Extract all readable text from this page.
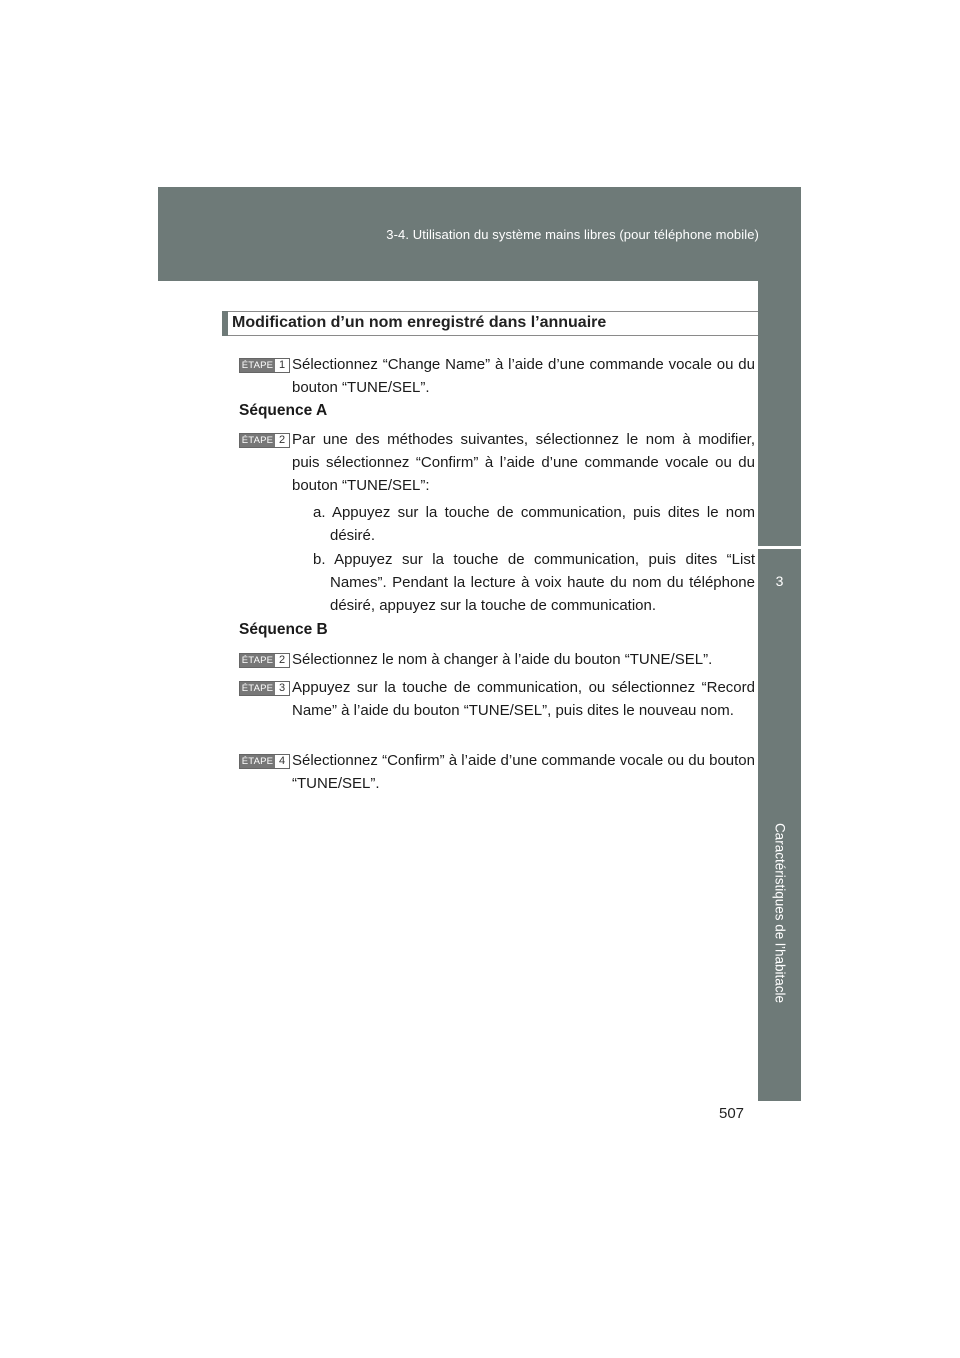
3-4. Utilisation du système mains libres (pour téléphone mobile)
3
Caractéristiques de l’habitacle
Modification d’un nom enregistré dans l’annuaire
ÉTAPE 1 Sélectionnez “Change Name” à l’aide d’une commande vocale ou du bouton “TUNE/SEL”.

Séquence A

ÉTAPE 2 Par une des méthodes suivantes, sélectionnez le nom à modifier, puis sélectionnez “Confirm” à l’aide d’une commande vocale ou du bouton “TUNE/SEL”:

a. Appuyez sur la touche de communication, puis dites le nom désiré.

b. Appuyez sur la touche de communication, puis dites “List Names”. Pendant la lecture à voix haute du nom du téléphone désiré, appuyez sur la touche de communication.

Séquence B

ÉTAPE 2 Sélectionnez le nom à changer à l’aide du bouton “TUNE/SEL”.

ÉTAPE 3 Appuyez sur la touche de communication, ou sélectionnez “Record Name” à l’aide du bouton “TUNE/SEL”, puis dites le nouveau nom.

ÉTAPE 4 Sélectionnez “Confirm” à l’aide d’une commande vocale ou du bouton “TUNE/SEL”.

507
